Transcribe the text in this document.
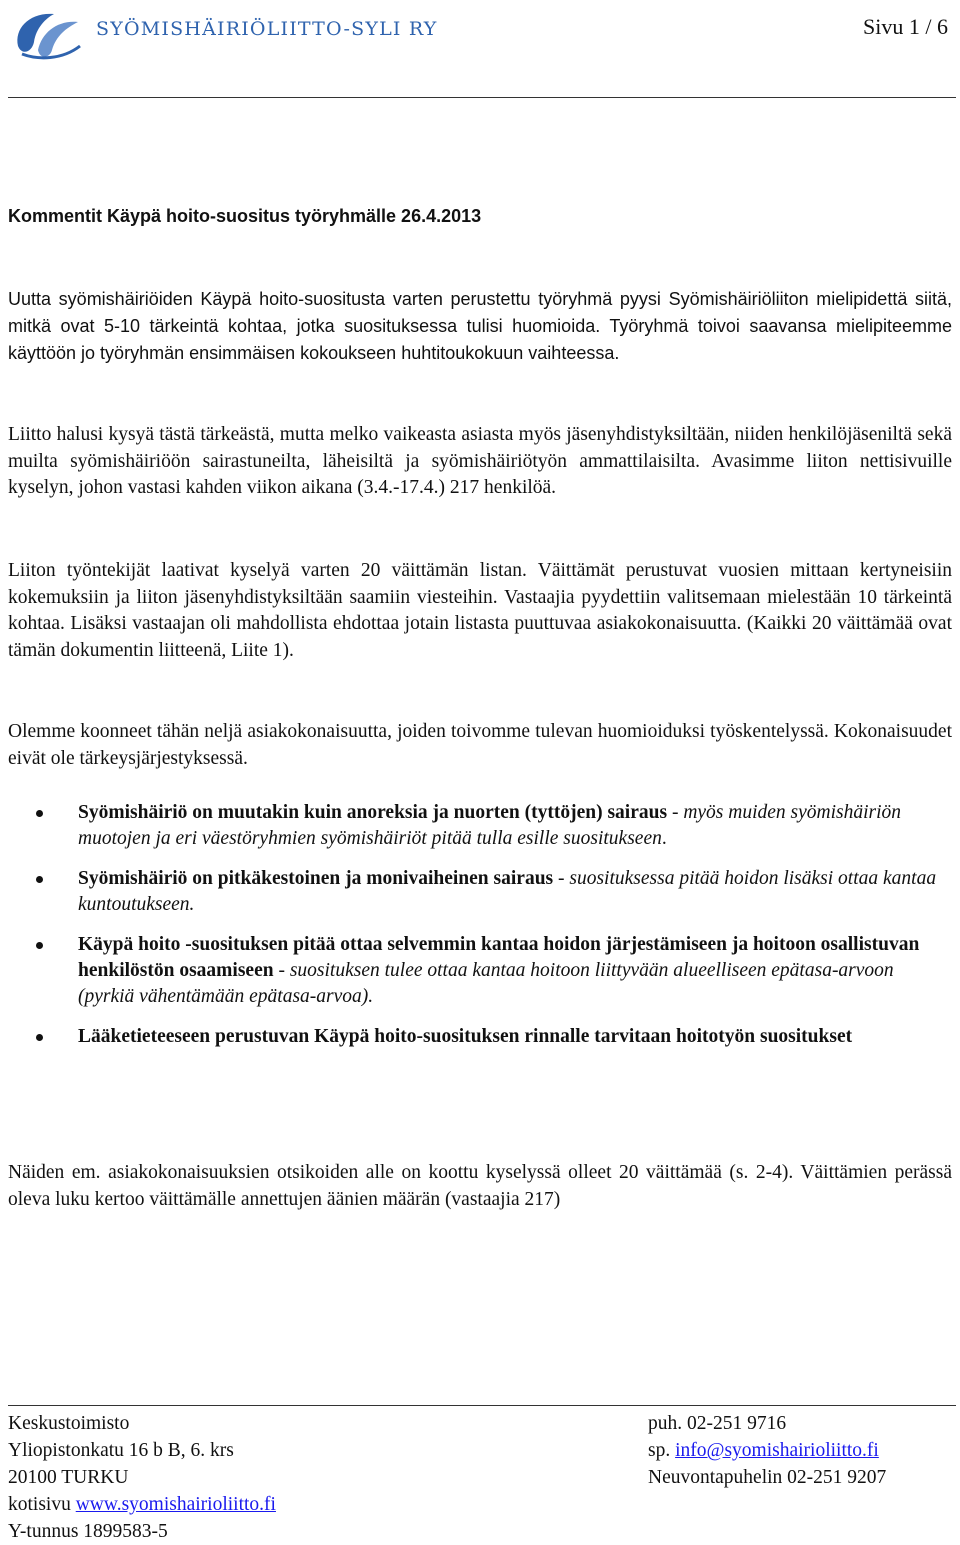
SYÖMISHÄIRIÖLIITTO-SYLI RY	Sivu 1 / 6
Kommentit Käypä hoito-suositus työryhmälle 26.4.2013
Uutta syömishäiriöiden Käypä hoito-suositusta varten perustettu työryhmä pyysi Syömishäiriöliiton mielipidettä siitä, mitkä ovat 5-10 tärkeintä kohtaa, jotka suosituksessa tulisi huomioida. Työryhmä toivoi saavansa mielipiteemme käyttöön jo työryhmän ensimmäisen kokoukseen huhtitoukokuun vaihteessa.
Liitto halusi kysyä tästä tärkeästä, mutta melko vaikeasta asiasta myös jäsenyhdistyksiltään, niiden henkilöjäseniltä sekä muilta syömishäiriöön sairastuneilta, läheisiltä ja syömishäiriötyön ammattilaisilta. Avasimme liiton nettisivuille kyselyn, johon vastasi kahden viikon aikana (3.4.-17.4.) 217 henkilöä.
Liiton työntekijät laativat kyselyä varten 20 väittämän listan. Väittämät perustuvat vuosien mittaan kertyneisiin kokemuksiin ja liiton jäsenyhdistyksiltään saamiin viesteihin. Vastaajia pyydettiin valitsemaan mielestään 10 tärkeintä kohtaa. Lisäksi vastaajan oli mahdollista ehdottaa jotain listasta puuttuvaa asiakokonaisuutta. (Kaikki 20 väittämää ovat tämän dokumentin liitteenä, Liite 1).
Olemme koonneet tähän neljä asiakokonaisuutta, joiden toivomme tulevan huomioiduksi työskentelyssä. Kokonaisuudet eivät ole tärkeysjärjestyksessä.
Syömishäiriö on muutakin kuin anoreksia ja nuorten (tyttöjen) sairaus - myös muiden syömishäiriön muotojen ja eri väestöryhmien syömishäiriöt pitää tulla esille suositukseen.
Syömishäiriö on pitkäkestoinen ja monivaiheinen sairaus - suosituksessa pitää hoidon lisäksi ottaa kantaa kuntoutukseen.
Käypä hoito -suosituksen pitää ottaa selvemmin kantaa hoidon järjestämiseen ja hoitoon osallistuvan henkilöstön osaamiseen - suosituksen tulee ottaa kantaa hoitoon liittyvään alueelliseen epätasa-arvoon (pyrkiä vähentämään epätasa-arvoa).
Lääketieteeseen perustuvan Käypä hoito-suosituksen rinnalle tarvitaan hoitotyön suositukset
Näiden em. asiakokonaisuuksien otsikoiden alle on koottu kyselyssä olleet 20 väittämää (s. 2-4). Väittämien perässä oleva luku kertoo väittämälle annettujen äänien määrän (vastaajia 217)
Keskustoimisto
Yliopistonkatu 16 b B, 6. krs
20100 TURKU
kotisivu www.syomishairioliitto.fi
Y-tunnus 1899583-5
puh. 02-251 9716
sp. info@syomishairioliitto.fi
Neuvontapuhelin 02-251 9207
